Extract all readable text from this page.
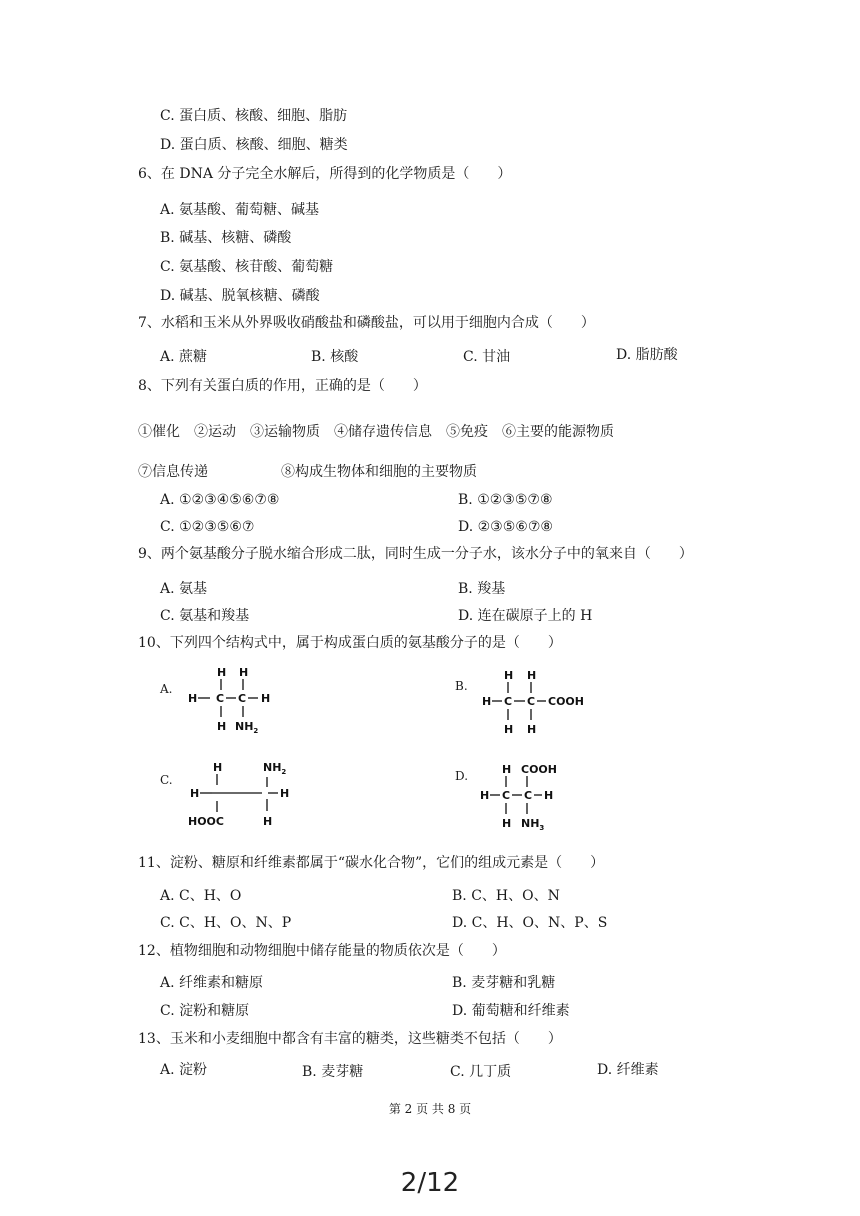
C. 蛋白质、核酸、细胞、脂肪
D. 蛋白质、核酸、细胞、糖类
6、在 DNA 分子完全水解后，所得到的化学物质是（　　）
A. 氨基酸、葡萄糖、碱基
B. 碱基、核糖、磷酸
C. 氨基酸、核苷酸、葡萄糖
D. 碱基、脱氧核糖、磷酸
7、水稻和玉米从外界吸收硝酸盐和磷酸盐，可以用于细胞内合成（　　）
A. 蔗糖	B. 核酸	C. 甘油	D. 脂肪酸
8、下列有关蛋白质的作用，正确的是（　　）
①催化　②运动　③运输物质　④储存遗传信息　⑤免疫　⑥主要的能源物质
⑦信息传递	⑧构成生物体和细胞的主要物质
A. ①②③④⑤⑥⑦⑧	B. ①②③⑤⑦⑧
C. ①②③⑤⑥⑦	D. ②③⑤⑥⑦⑧
9、两个氨基酸分子脱水缩合形成二肽，同时生成一分子水，该水分子中的氧来自（　　）
A. 氨基	B. 羧基
C. 氨基和羧基	D. 连在碳原子上的 H
10、下列四个结构式中，属于构成蛋白质的氨基酸分子的是（　　）
A.
H H
H C C H
H $NH_2$
B.
H H
H C C COOH
H H
C.
H	$NH_2$
H	H
HOOC	H
D.	H COOH
H C C H
H $NH_3$
11、淀粉、糖原和纤维素都属于“碳水化合物”，它们的组成元素是（　　）
A. C、H、O	B. C、H、O、N
C. C、H、O、N、P	D. C、H、O、N、P、S
12、植物细胞和动物细胞中储存能量的物质依次是（　　）
A. 纤维素和糖原	B. 麦芽糖和乳糖
C. 淀粉和糖原	D. 葡萄糖和纤维素
13、玉米和小麦细胞中都含有丰富的糖类，这些糖类不包括（　　）
A. 淀粉	B. 麦芽糖	C. 几丁质	D. 纤维素
第 2 页 共 8 页
2/12
